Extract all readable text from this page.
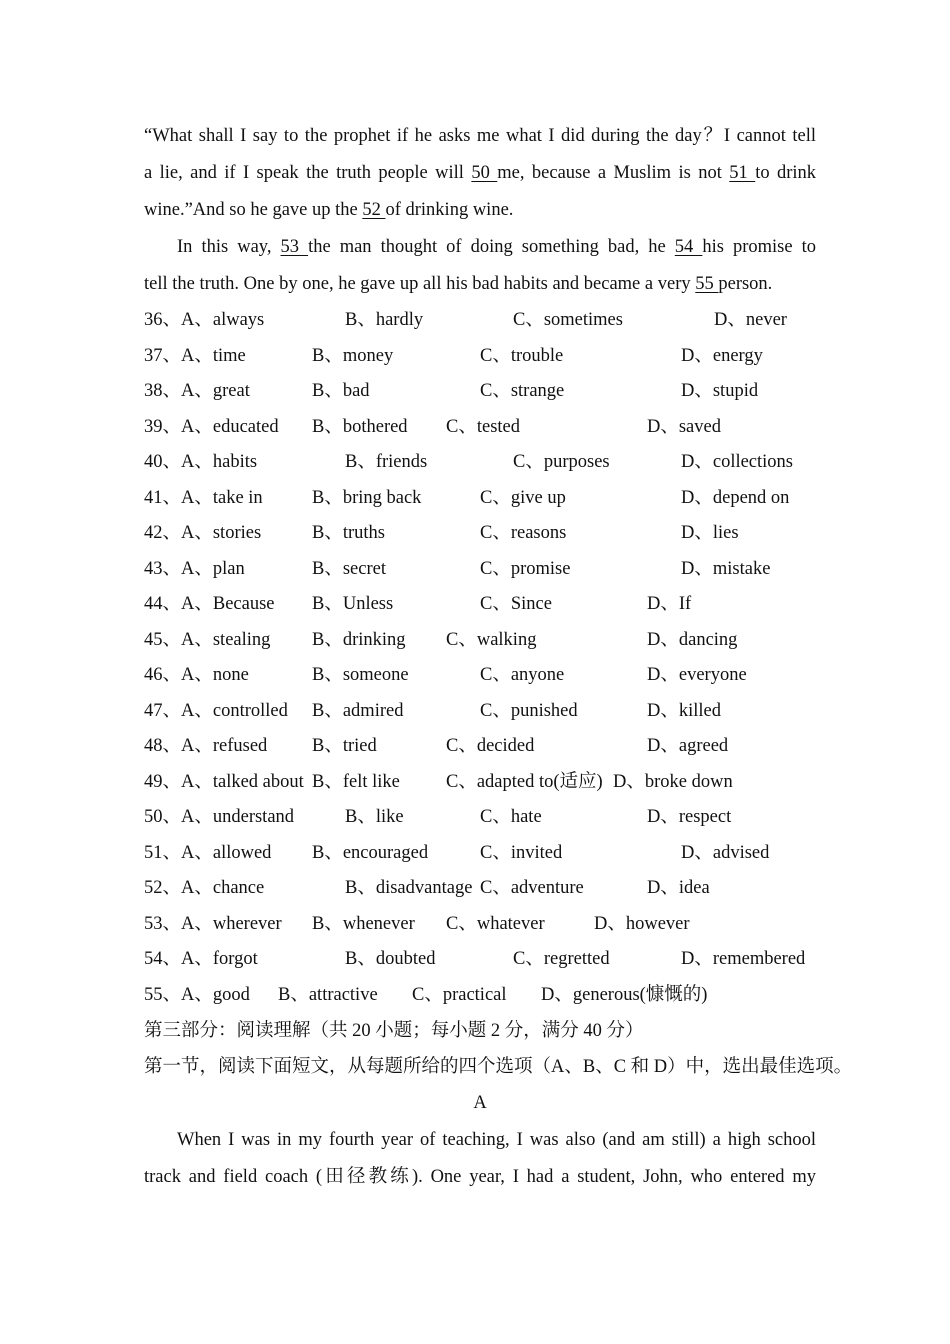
“What shall I say to the prophet if he asks me what I did during the day？I cannot tell

a lie, and if I speak the truth people will 50 me, because a Muslim is not 51 to drink

wine.”And so he gave up the 52 of drinking wine.

In this way, 53 the man thought of doing something bad, he 54 his promise to

tell the truth. One by one, he gave up all his bad habits and became a very 55 person.

36、A、always	B、hardly	C、sometimes	D、never
37、A、time	B、money	C、trouble	D、energy
38、A、great	B、bad	C、strange	D、stupid
39、A、educated B、bothered C、tested	D、saved
40、A、habits	B、friends	C、purposes	D、collections
41、A、take in	B、bring back	C、give up	D、depend on
42、A、stories	B、truths	C、reasons	D、lies
43、A、plan	B、secret	C、promise	D、mistake
44、A、Because B、Unless	C、Since	D、If
45、A、stealing B、drinking C、walking	D、dancing
46、A、none	B、someone	C、anyone	D、everyone
47、A、controlled B、admired	C、punished	D、killed
48、A、refused B、tried	C、decided	D、agreed
49、A、talked about B、felt like C、adapted to(适应) D、broke down
50、A、understand	B、like	C、hate	D、respect
51、A、allowed B、encouraged	C、invited	D、advised
52、A、chance	B、disadvantage C、adventure	D、idea
53、A、wherever B、whenever C、whatever	D、however
54、A、forgot	B、doubted	C、regretted	D、remembered
55、A、good B、attractive C、practical D、generous(慷慨的)

第三部分：阅读理解（共 20 小题；每小题 2 分，满分 40 分）

第一节，阅读下面短文，从每题所给的四个选项（A、B、C 和 D）中，选出最佳选项。

A

When I was in my fourth year of teaching, I was also (and am still) a high school

track and field coach (田径教练). One year, I had a student, John, who entered my
